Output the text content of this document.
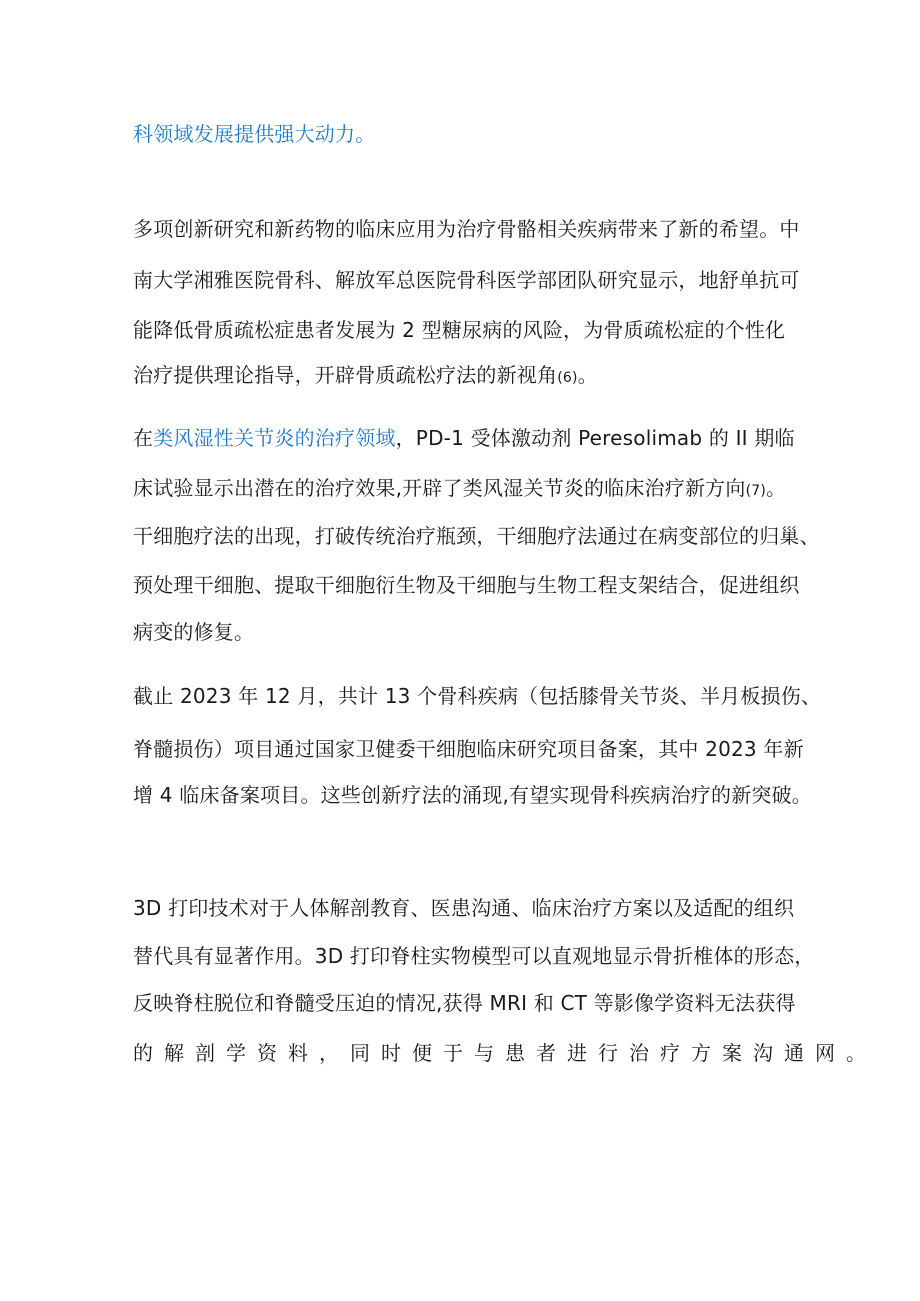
科领域发展提供强大动力。
多项创新研究和新药物的临床应用为治疗骨骼相关疾病带来了新的希望。中
南大学湘雅医院骨科、解放军总医院骨科医学部团队研究显示，地舒单抗可
能降低骨质疏松症患者发展为 2 型糖尿病的风险，为骨质疏松症的个性化
治疗提供理论指导，开辟骨质疏松疗法的新视角(6)。
在类风湿性关节炎的治疗领域，PD-1 受体激动剂 Peresolimab 的 II 期临
床试验显示出潜在的治疗效果,开辟了类风湿关节炎的临床治疗新方向(7)。
干细胞疗法的出现，打破传统治疗瓶颈，干细胞疗法通过在病变部位的归巢、
预处理干细胞、提取干细胞衍生物及干细胞与生物工程支架结合，促进组织
病变的修复。
截止 2023 年 12 月，共计 13 个骨科疾病（包括膝骨关节炎、半月板损伤、
脊髓损伤）项目通过国家卫健委干细胞临床研究项目备案，其中 2023 年新
增 4 临床备案项目。这些创新疗法的涌现,有望实现骨科疾病治疗的新突破。
3D 打印技术对于人体解剖教育、医患沟通、临床治疗方案以及适配的组织
替代具有显著作用。3D 打印脊柱实物模型可以直观地显示骨折椎体的形态，
反映脊柱脱位和脊髓受压迫的情况,获得 MRI 和 CT 等影像学资料无法获得
的解剖学资料，同时便于与患者进行治疗方案沟通网。
